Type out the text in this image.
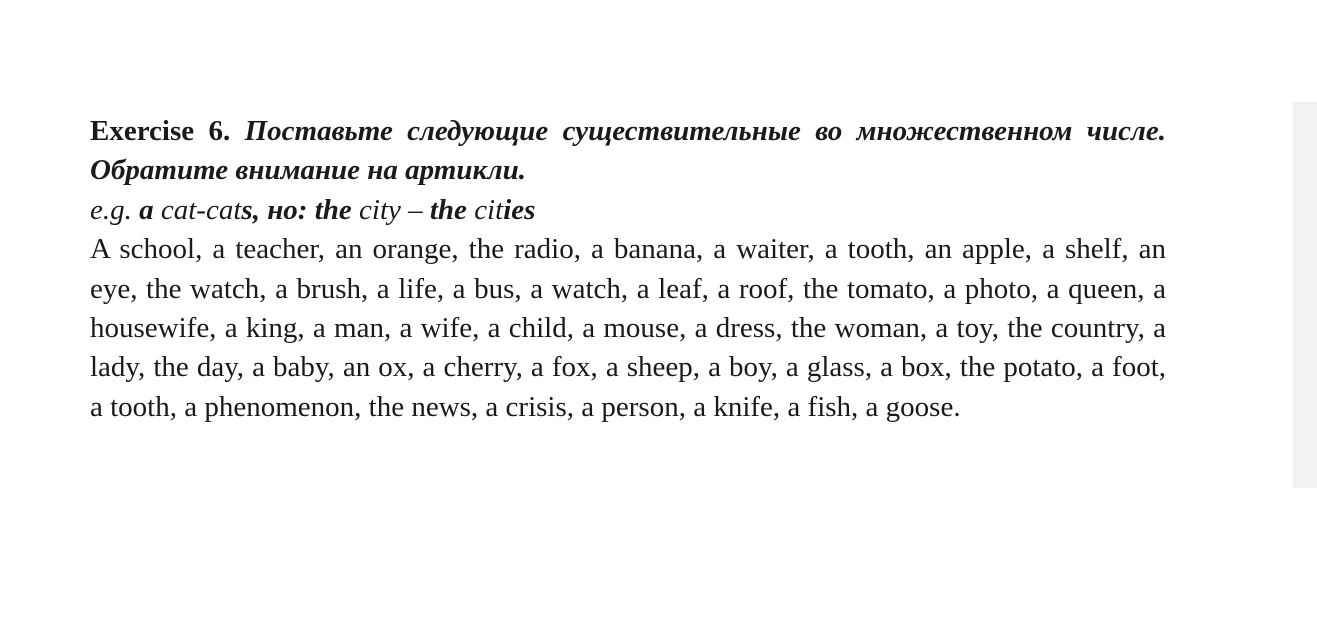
Exercise 6. Поставьте следующие существительные во множественном числе. Обратите внимание на артикли.

e.g. a cat-cats, но: the city – the cities

A school, a teacher, an orange, the radio, a banana, a waiter, a tooth, an apple, a shelf, an eye, the watch, a brush, a life, a bus, a watch, a leaf, a roof, the tomato, a photo, a queen, a housewife, a king, a man, a wife, a child, a mouse, a dress, the woman, a toy, the country, a lady, the day, a baby, an ox, a cherry, a fox, a sheep, a boy, a glass, a box, the potato, a foot, a tooth, a phenomenon, the news, a crisis, a person, a knife, a fish, a goose.
